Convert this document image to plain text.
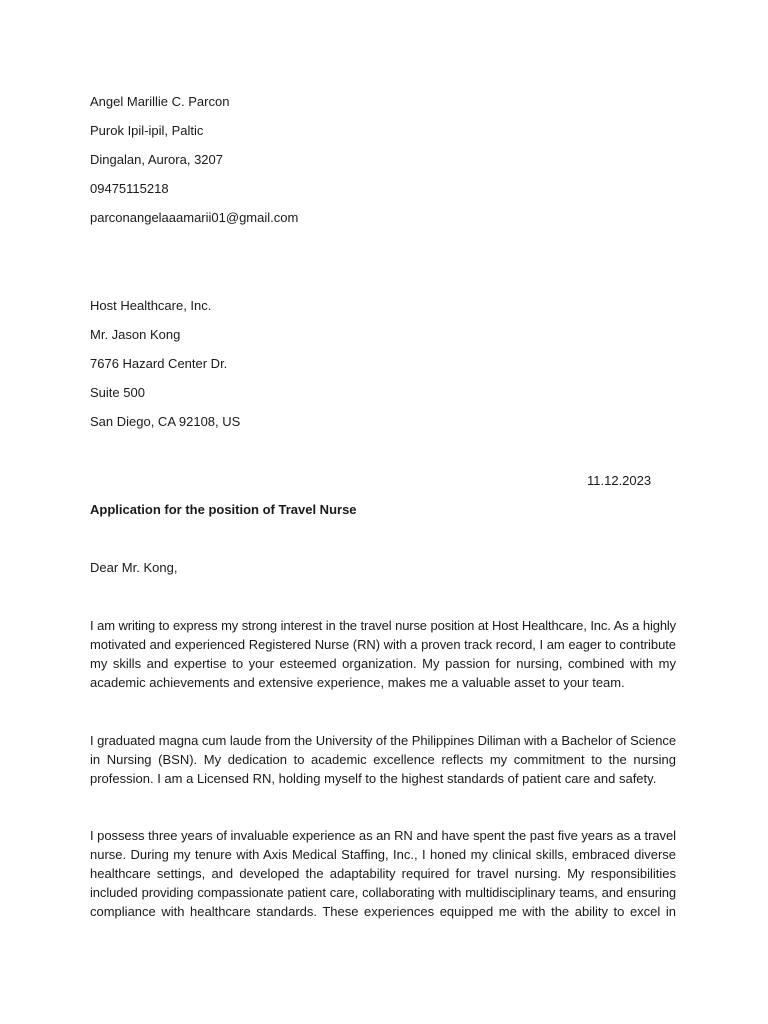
Angel Marillie C. Parcon
Purok Ipil-ipil, Paltic
Dingalan, Aurora, 3207
09475115218
parconangelaaamarii01@gmail.com
Host Healthcare, Inc.
Mr. Jason Kong
7676 Hazard Center Dr.
Suite 500
San Diego, CA 92108, US
11.12.2023
Application for the position of Travel Nurse
Dear Mr. Kong,
I am writing to express my strong interest in the travel nurse position at Host Healthcare, Inc. As a highly
motivated and experienced Registered Nurse (RN) with a proven track record, I am eager to contribute
my skills and expertise to your esteemed organization. My passion for nursing, combined with my
academic achievements and extensive experience, makes me a valuable asset to your team.
I graduated magna cum laude from the University of the Philippines Diliman with a Bachelor of Science
in Nursing (BSN). My dedication to academic excellence reflects my commitment to the nursing
profession. I am a Licensed RN, holding myself to the highest standards of patient care and safety.
I possess three years of invaluable experience as an RN and have spent the past five years as a travel
nurse. During my tenure with Axis Medical Staffing, Inc., I honed my clinical skills, embraced diverse
healthcare settings, and developed the adaptability required for travel nursing. My responsibilities
included providing compassionate patient care, collaborating with multidisciplinary teams, and ensuring
compliance with healthcare standards. These experiences equipped me with the ability to excel in
